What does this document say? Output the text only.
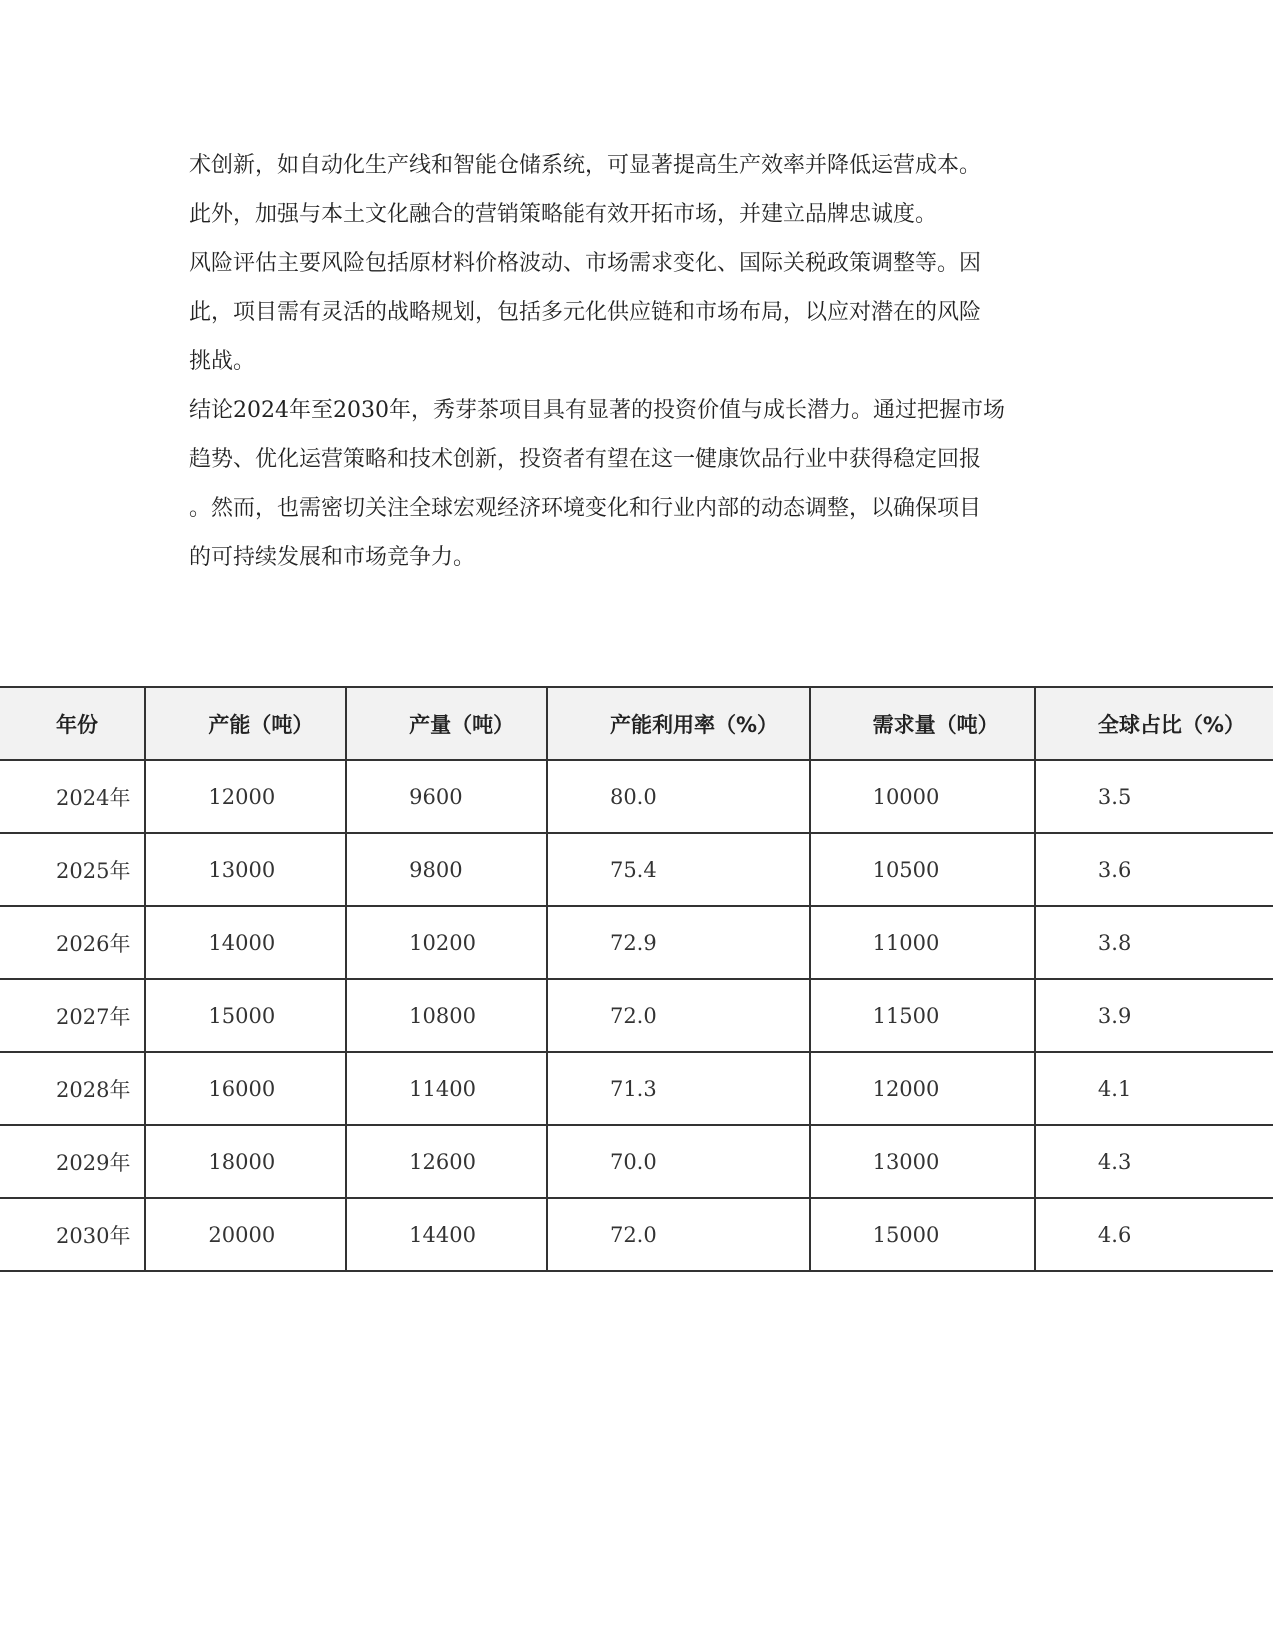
术创新，如自动化生产线和智能仓储系统，可显著提高生产效率并降低运营成本。
此外，加强与本土文化融合的营销策略能有效开拓市场，并建立品牌忠诚度。
风险评估主要风险包括原材料价格波动、市场需求变化、国际关税政策调整等。因
此，项目需有灵活的战略规划，包括多元化供应链和市场布局，以应对潜在的风险
挑战。
结论2024年至2030年，秀芽茶项目具有显著的投资价值与成长潜力。通过把握市场
趋势、优化运营策略和技术创新，投资者有望在这一健康饮品行业中获得稳定回报
。然而，也需密切关注全球宏观经济环境变化和行业内部的动态调整，以确保项目
的可持续发展和市场竞争力。
年份	产能（吨）	产量（吨）	产能利用率（%）	需求量（吨）	全球占比（%）
2024年	12000	9600	80.0	10000	3.5
2025年	13000	9800	75.4	10500	3.6
2026年	14000	10200	72.9	11000	3.8
2027年	15000	10800	72.0	11500	3.9
2028年	16000	11400	71.3	12000	4.1
2029年	18000	12600	70.0	13000	4.3
2030年	20000	14400	72.0	15000	4.6
